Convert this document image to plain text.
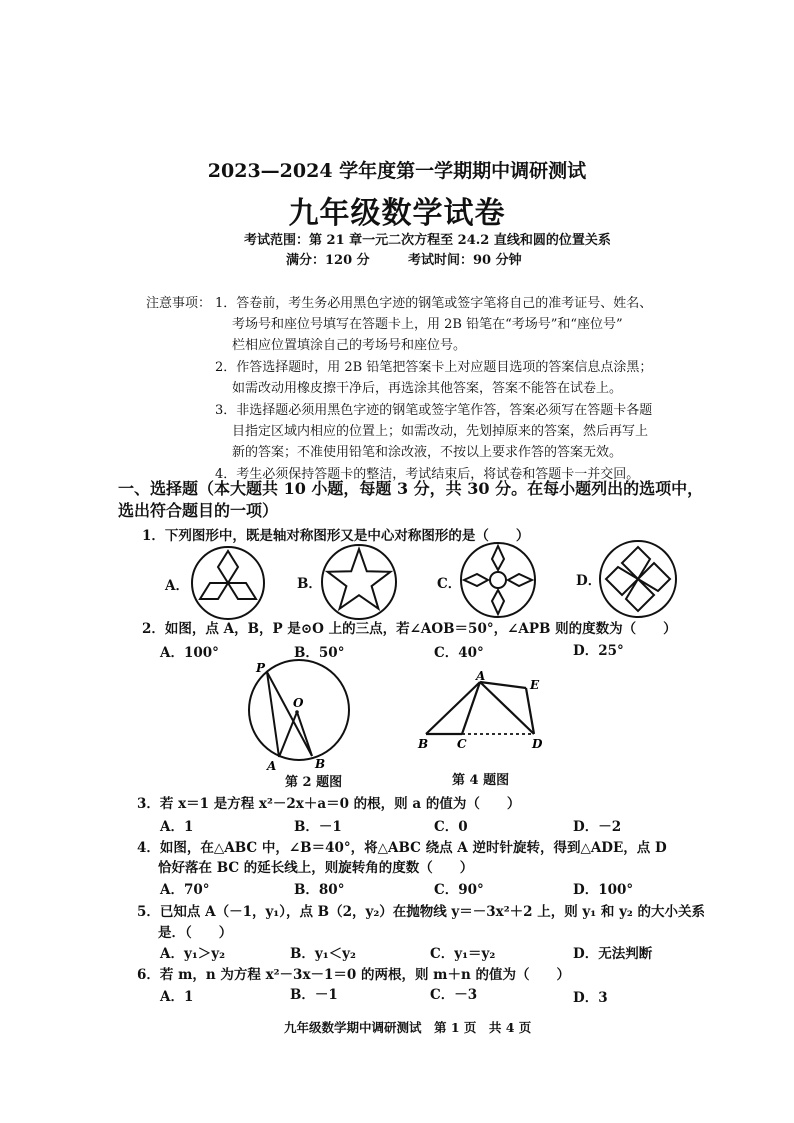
2023—2024 学年度第一学期期中调研测试
九年级数学试卷
考试范围：第 21 章一元二次方程至 24.2 直线和圆的位置关系
满分：120 分	考试时间：90 分钟
注意事项： 1．答卷前，考生务必用黑色字迹的钢笔或签字笔将自己的准考证号、姓名、
考场号和座位号填写在答题卡上，用 2B 铅笔在“考场号”和“座位号”
栏相应位置填涂自己的考场号和座位号。
2．作答选择题时，用 2B 铅笔把答案卡上对应题目选项的答案信息点涂黑；
如需改动用橡皮擦干净后，再选涂其他答案，答案不能答在试卷上。
3．非选择题必须用黑色字迹的钢笔或签字笔作答，答案必须写在答题卡各题
目指定区域内相应的位置上；如需改动，先划掉原来的答案，然后再写上
新的答案；不准使用铅笔和涂改液，不按以上要求作答的答案无效。
4．考生必须保持答题卡的整洁，考试结束后，将试卷和答题卡一并交回。
一、选择题（本大题共 10 小题，每题 3 分，共 30 分。在每小题列出的选项中，
选出符合题目的一项）
1．下列图形中，既是轴对称图形又是中心对称图形的是（　　）
A．	B．	C．	D．
2．如图，点 A，B，P 是⊙O 上的三点，若∠AOB＝50°，∠APB 则的度数为（　　）
A．100°	B．50°	C．40°	D．25°
P
O
A	B
A
E
B C	D
第 2 题图	第 4 题图
3．若 x＝1 是方程 x²－2x＋a＝0 的根，则 a 的值为（　　）
A．1	B．－1	C．0	D．－2
4．如图，在△ABC 中，∠B＝40°，将△ABC 绕点 A 逆时针旋转，得到△ADE，点 D
恰好落在 BC 的延长线上，则旋转角的度数（　　）
A．70°	B．80°	C．90°	D．100°
5．已知点 A（－1，y₁），点 B（2，y₂）在抛物线 y＝－3x²＋2 上，则 y₁ 和 y₂ 的大小关系
是．（　　）
A．y₁＞y₂	B．y₁＜y₂	C．y₁＝y₂	D．无法判断
6．若 m，n 为方程 x²－3x－1＝0 的两根，则 m＋n 的值为（　　）
A．1	B．－1	C．－3	D．3
九年级数学期中调研测试　第 1 页　共 4 页
